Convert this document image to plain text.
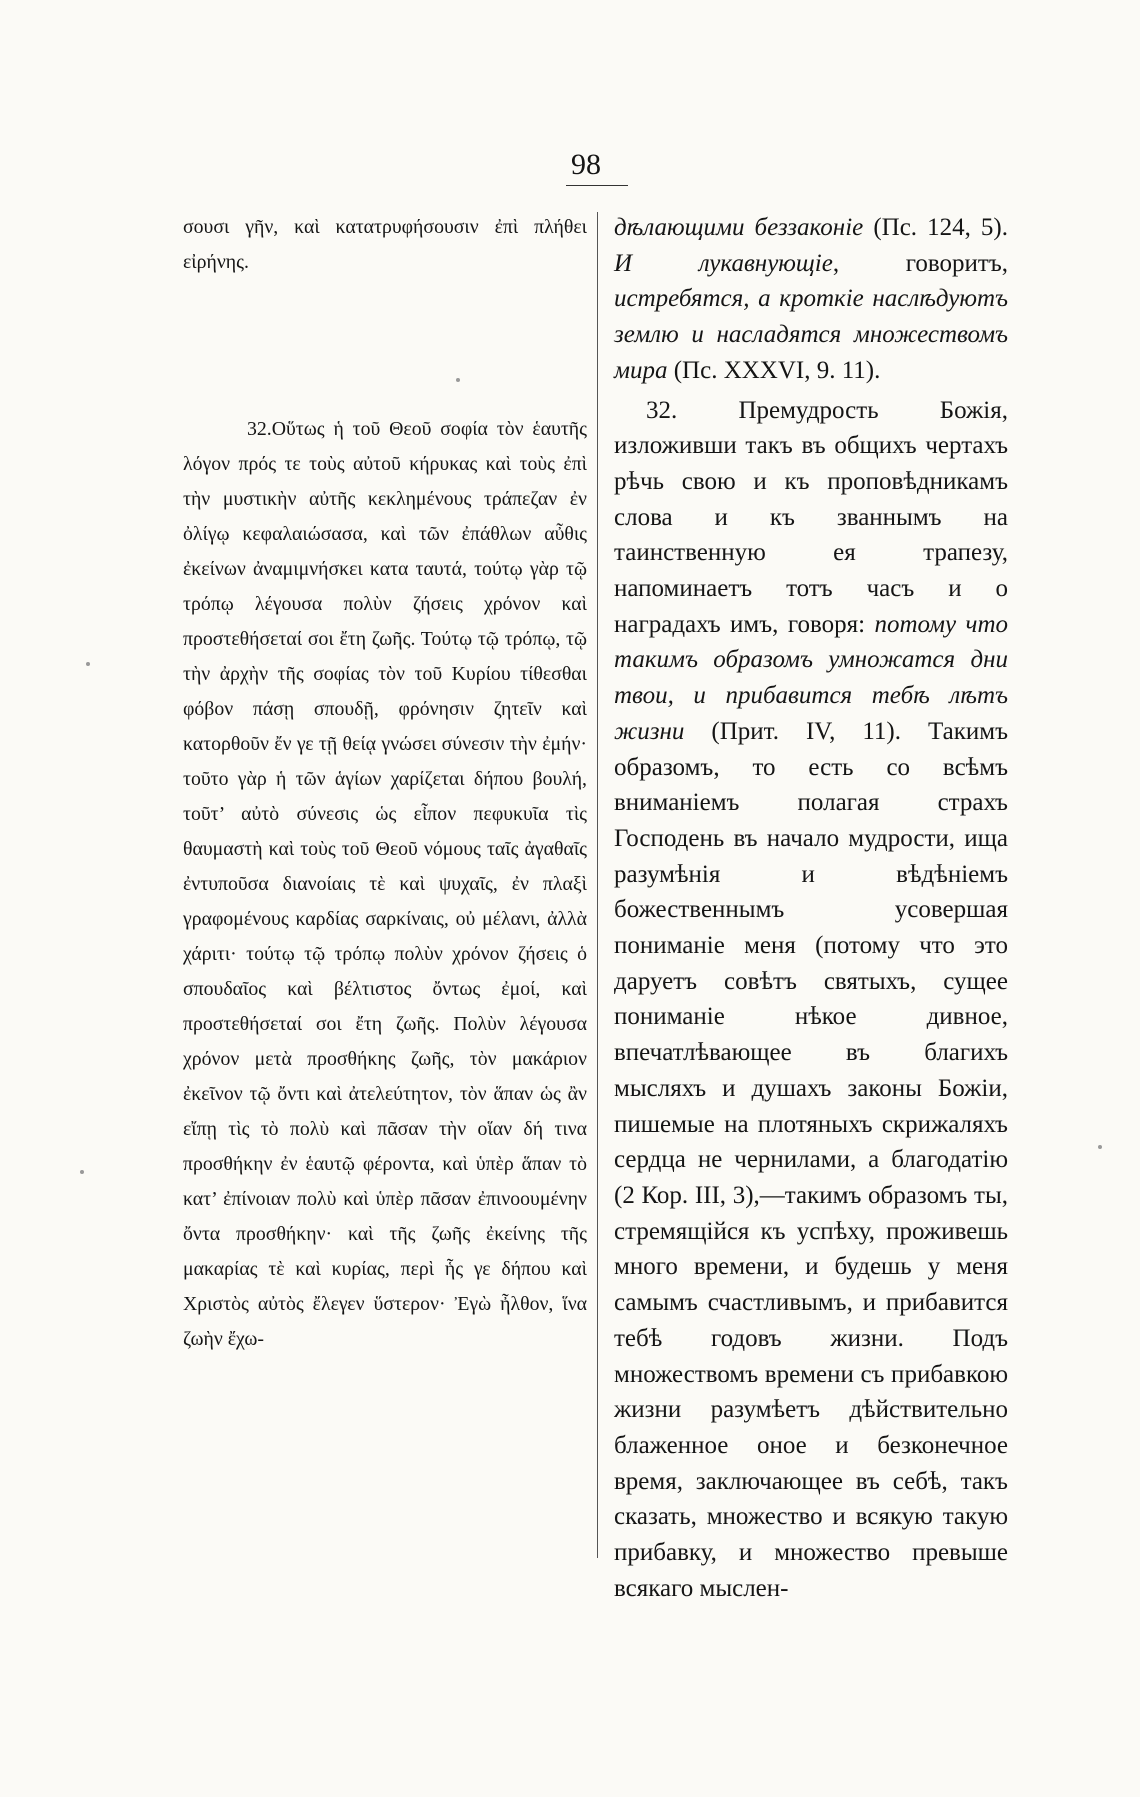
98

σουσι γῆν, καὶ κατατρυφήσουσιν ἐπὶ πλήθει εἰρήνης.

32.Οὕτως ἡ τοῦ Θεοῦ σοφία τὸν ἑαυτῆς λόγον πρός τε τοὺς αὐτοῦ κήρυκας καὶ τοὺς ἐπὶ τὴν μυστικὴν αὐτῆς κεκλημένους τράπεζαν ἐν ὀλίγῳ κεφαλαιώσασα, καὶ τῶν ἐπάθλων αὖθις ἐκείνων ἀναμιμνήσκει κατα ταυτά, τούτῳ γὰρ τῷ τρόπῳ λέγουσα πολὺν ζήσεις χρόνον καὶ προστεθήσεταί σοι ἔτη ζωῆς. Τούτῳ τῷ τρόπῳ, τῷ τὴν ἀρχὴν τῆς σοφίας τὸν τοῦ Κυρίου τίθεσθαι φόβον πάσῃ σπουδῇ, φρόνησιν ζητεῖν καὶ κατορθοῦν ἔν γε τῇ θείᾳ γνώσει σύνεσιν τὴν ἐμήν· τοῦτο γὰρ ἡ τῶν ἁγίων χαρίζεται δήπου βουλή, τοῦτ’ αὐτὸ σύνεσις ὡς εἶπον πεφυκυῖα τὶς θαυμαστὴ καὶ τοὺς τοῦ Θεοῦ νόμους ταῖς ἀγαθαῖς ἐντυποῦσα διανοίαις τὲ καὶ ψυχαῖς, ἐν πλαξὶ γραφομένους καρδίας σαρκίναις, οὐ μέλανι, ἀλλὰ χάριτι· τούτῳ τῷ τρόπῳ πολὺν χρόνον ζήσεις ὁ σπουδαῖος καὶ βέλτιστος ὄντως ἐμοί, καὶ προστεθήσεταί σοι ἔτη ζωῆς. Πολὺν λέγουσα χρόνον μετὰ προσθήκης ζωῆς, τὸν μακάριον ἐκεῖνον τῷ ὄντι καὶ ἀτελεύτητον, τὸν ἅπαν ὡς ἂν εἴπῃ τὶς τὸ πολὺ καὶ πᾶσαν τὴν οἵαν δή τινα προσθήκην ἐν ἑαυτῷ φέροντα, καὶ ὑπὲρ ἅπαν τὸ κατ’ ἐπίνοιαν πολὺ καὶ ὑπὲρ πᾶσαν ἐπινοουμένην ὄντα προσθήκην· καὶ τῆς ζωῆς ἐκείνης τῆς μακαρίας τὲ καὶ κυρίας, περὶ ἧς γε δήπου καὶ Χριστὸς αὐτὸς ἔλεγεν ὕστερον· Ἐγὼ ἦλθον, ἵνα ζωὴν ἔχω-

дѣлающими беззаконіе (Пс. 124, 5). И лукавнующіе, говоритъ, истребятся, а кроткіе наслѣдуютъ землю и насладятся множествомъ мира (Пс. XXXVI, 9. 11).

32. Премудрость Божія, изложивши такъ въ общихъ чертахъ рѣчь свою и къ проповѣдникамъ слова и къ званнымъ на таинственную ея трапезу, напоминаетъ тотъ часъ и о наградахъ имъ, говоря: потому что такимъ образомъ умножатся дни твои, и прибавится тебѣ лѣтъ жизни (Прит. IV, 11). Такимъ образомъ, то есть со всѣмъ вниманіемъ полагая страхъ Господень въ начало мудрости, ища разумѣнія и вѣдѣніемъ божественнымъ усовершая пониманіе меня (потому что это даруетъ совѣтъ святыхъ, сущее пониманіе нѣкое дивное, впечатлѣвающее въ благихъ мысляхъ и душахъ законы Божіи, пишемые на плотяныхъ скрижаляхъ сердца не чернилами, а благодатію (2 Кор. III, 3),—такимъ образомъ ты, стремящійся къ успѣху, проживешь много времени, и будешь у меня самымъ счастливымъ, и прибавится тебѣ годовъ жизни. Подъ множествомъ времени съ прибавкою жизни разумѣетъ дѣйствительно блаженное оное и безконечное время, заключающее въ себѣ, такъ сказать, множество и всякую такую прибавку, и множество превыше всякаго мыслен-
